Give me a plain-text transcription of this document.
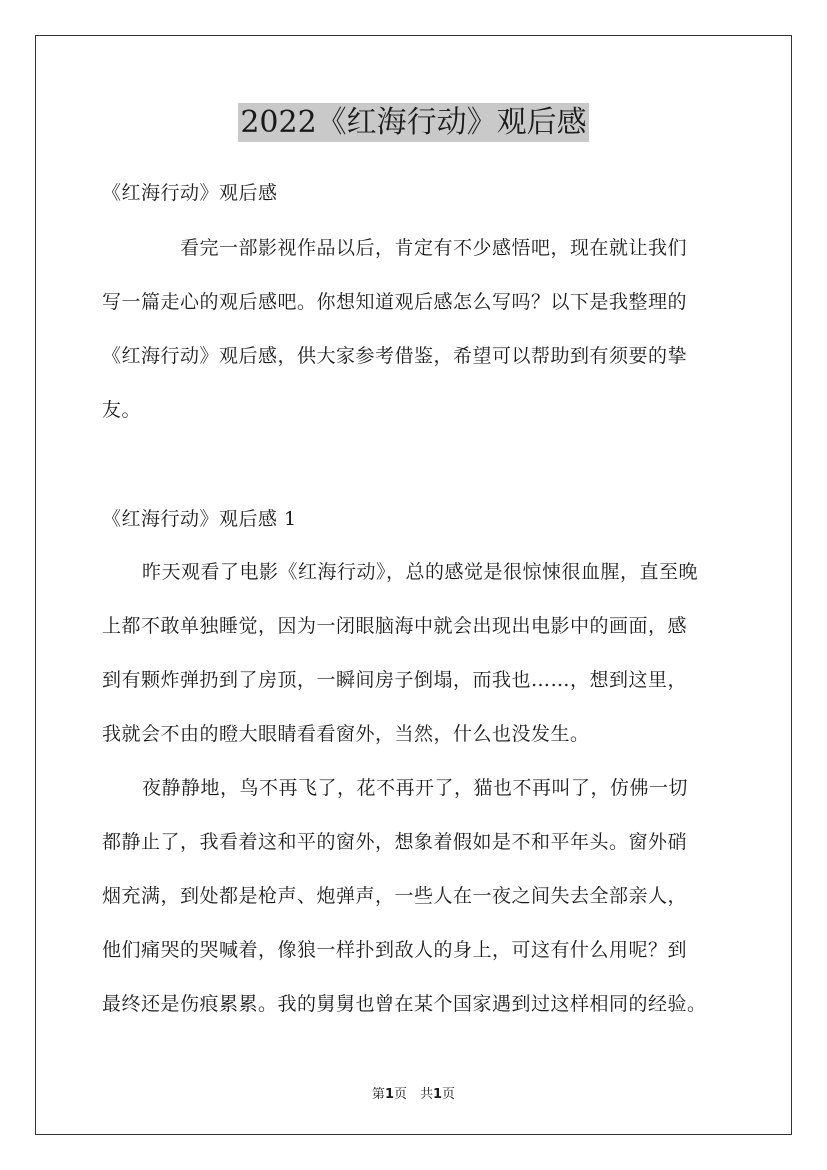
2022《红海行动》观后感
《红海行动》观后感
看完一部影视作品以后，肯定有不少感悟吧，现在就让我们
写一篇走心的观后感吧。你想知道观后感怎么写吗？以下是我整理的
《红海行动》观后感，供大家参考借鉴，希望可以帮助到有须要的挚
友。
《红海行动》观后感 1
昨天观看了电影《红海行动》，总的感觉是很惊悚很血腥，直至晚
上都不敢单独睡觉，因为一闭眼脑海中就会出现出电影中的画面，感
到有颗炸弹扔到了房顶，一瞬间房子倒塌，而我也……，想到这里，
我就会不由的瞪大眼睛看看窗外，当然，什么也没发生。
夜静静地，鸟不再飞了，花不再开了，猫也不再叫了，仿佛一切
都静止了，我看着这和平的窗外，想象着假如是不和平年头。窗外硝
烟充满，到处都是枪声、炮弹声，一些人在一夜之间失去全部亲人，
他们痛哭的哭喊着，像狼一样扑到敌人的身上，可这有什么用呢？到
最终还是伤痕累累。我的舅舅也曾在某个国家遇到过这样相同的经验。
第1页　共1页
